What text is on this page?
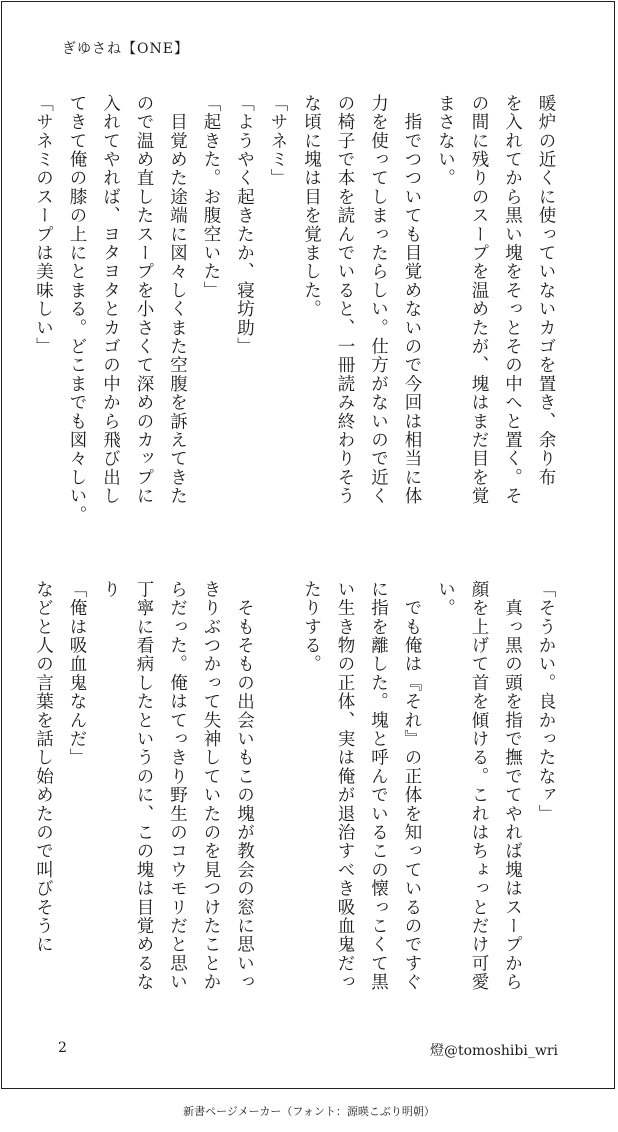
ぎゆさね【ONE】

暖炉の近くに使っていないカゴを置き、余り布

を入れてから黒い塊をそっとその中へと置く。そ

の間に残りのスープを温めたが、塊はまだ目を覚

まさない。

　指でつついても目覚めないので今回は相当に体

力を使ってしまったらしい。仕方がないので近く

の椅子で本を読んでいると、一冊読み終わりそう

な頃に塊は目を覚ました。

「サネミ」

「ようやく起きたか、寝坊助」

「起きた。お腹空いた」

　目覚めた途端に図々しくまた空腹を訴えてきた

ので温め直したスープを小さくて深めのカップに

入れてやれば、ヨタヨタとカゴの中から飛び出し

てきて俺の膝の上にとまる。どこまでも図々しい。

「サネミのスープは美味しい」

「そうかい。良かったなァ」

　真っ黒の頭を指で撫でてやれば塊はスープから

顔を上げて首を傾ける。これはちょっとだけ可愛

い。

　でも俺は『それ』の正体を知っているのですぐ

に指を離した。塊と呼んでいるこの懐っこくて黒

い生き物の正体、実は俺が退治すべき吸血鬼だっ

たりする。

　そもそもの出会いもこの塊が教会の窓に思いっ

きりぶつかって失神していたのを見つけたことか

らだった。俺はてっきり野生のコウモリだと思い

丁寧に看病したというのに、この塊は目覚めるな

り

「俺は吸血鬼なんだ」

などと人の言葉を話し始めたので叫びそうに

2	燈@tomoshibi_wri
新書ページメーカー（フォント：源暎こぶり明朝）
